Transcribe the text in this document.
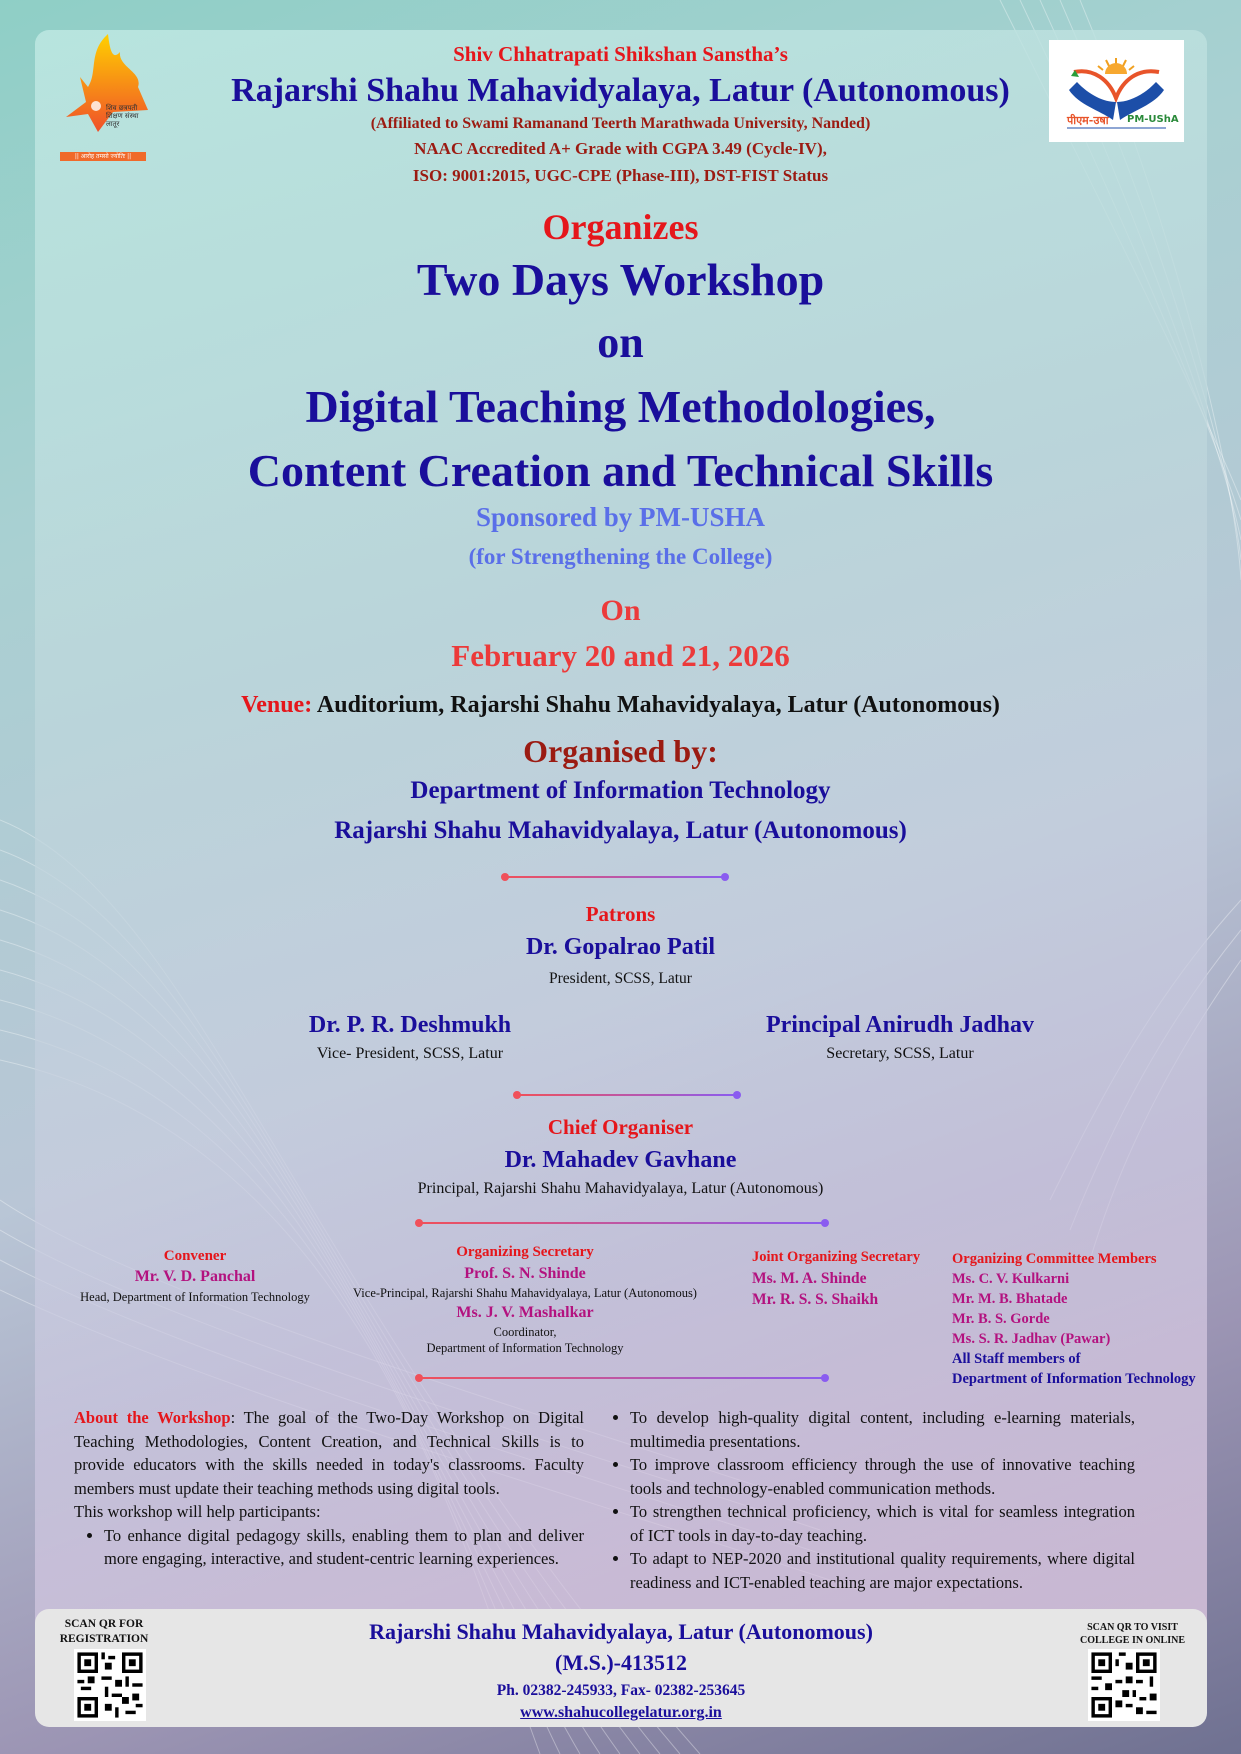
शिव छत्रपती
शिक्षण संस्था
लातूर
|| आरोह तमसो ज्योतिः ||
पीएम-उषा PM-UShA
Shiv Chhatrapati Shikshan Sanstha’s
Rajarshi Shahu Mahavidyalaya, Latur (Autonomous)
(Affiliated to Swami Ramanand Teerth Marathwada University, Nanded)
NAAC Accredited A+ Grade with CGPA 3.49 (Cycle-IV),
ISO: 9001:2015, UGC-CPE (Phase-III), DST-FIST Status
Organizes
Two Days Workshop
on
Digital Teaching Methodologies,
Content Creation and Technical Skills
Sponsored by PM-USHA
(for Strengthening the College)
On
February 20 and 21, 2026
Venue: Auditorium, Rajarshi Shahu Mahavidyalaya, Latur (Autonomous)
Organised by:
Department of Information Technology
Rajarshi Shahu Mahavidyalaya, Latur (Autonomous)
Patrons
Dr. Gopalrao Patil
President, SCSS, Latur
Dr. P. R. Deshmukh
Vice- President, SCSS, Latur
Principal Anirudh Jadhav
Secretary, SCSS, Latur
Chief Organiser
Dr. Mahadev Gavhane
Principal, Rajarshi Shahu Mahavidyalaya, Latur (Autonomous)
Convener
Mr. V. D. Panchal
Head, Department of Information Technology
Organizing Secretary
Prof. S. N. Shinde
Vice-Principal, Rajarshi Shahu Mahavidyalaya, Latur (Autonomous)
Ms. J. V. Mashalkar
Coordinator,
Department of Information Technology
Joint Organizing Secretary
Ms. M. A. Shinde
Mr. R. S. S. Shaikh
Organizing Committee Members
Ms. C. V. Kulkarni
Mr. M. B. Bhatade
Mr. B. S. Gorde
Ms. S. R. Jadhav (Pawar)
All Staff members of
Department of Information Technology
About the Workshop: The goal of the Two-Day Workshop on Digital Teaching Methodologies, Content Creation, and Technical Skills is to provide educators with the skills needed in today's classrooms. Faculty members must update their teaching methods using digital tools.
This workshop will help participants:
• To enhance digital pedagogy skills, enabling them to plan and deliver more engaging, interactive, and student-centric learning experiences.
• To develop high-quality digital content, including e-learning materials, multimedia presentations.
• To improve classroom efficiency through the use of innovative teaching tools and technology-enabled communication methods.
• To strengthen technical proficiency, which is vital for seamless integration of ICT tools in day-to-day teaching.
• To adapt to NEP-2020 and institutional quality requirements, where digital readiness and ICT-enabled teaching are major expectations.
SCAN QR FOR
REGISTRATION	Rajarshi Shahu Mahavidyalaya, Latur (Autonomous)
(M.S.)-413512
Ph. 02382-245933, Fax- 02382-253645
www.shahucollegelatur.org.in
SCAN QR TO VISIT
COLLEGE IN ONLINE
